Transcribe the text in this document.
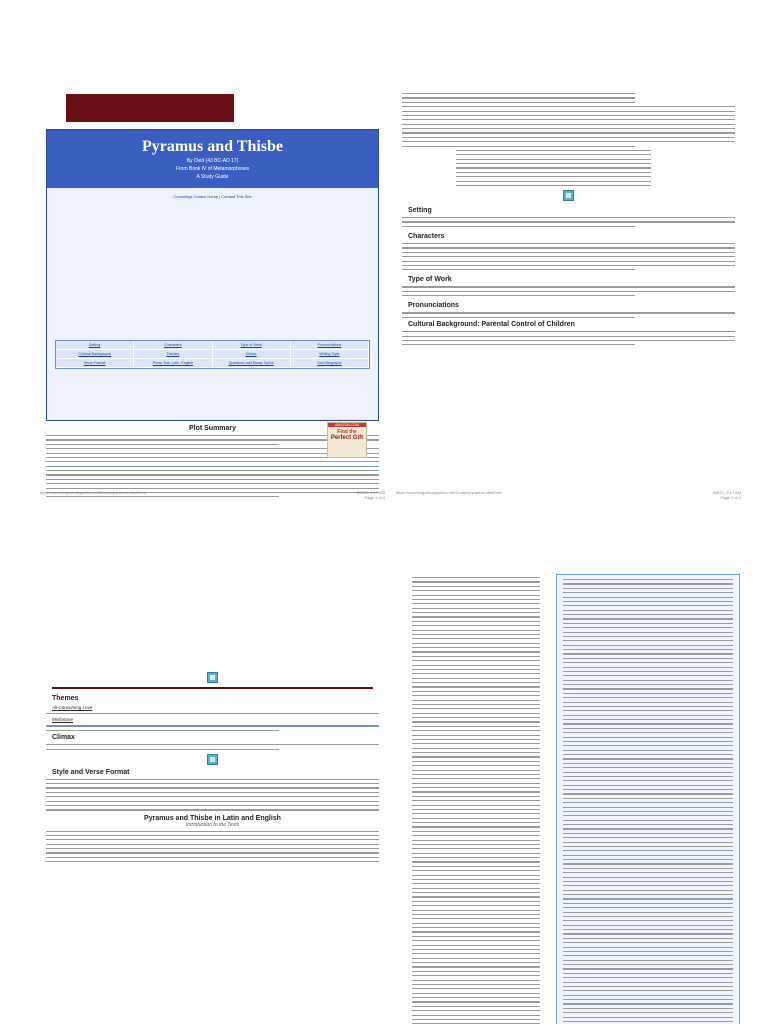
Pyramus and Thisbe
By Ovid (43 BC-AD 17)
From Book IV of Metamorphoses
A Study Guide
Cummings Guides Home | Contact This Site
Setting	Characters	Type of Work	Pronunciations
Cultural Background	Themes	Climax	Writing Style
Verse Format	Prose Text: Latin, English	Questions and Essay Topics	Ovid Biography
Plot Summary	AMAZON.COM
Find the
Perfect Gift
https://cummingsstudyguides.net/Guides/pyramus.html#Yes	8/8/21, 8:17 AM
Page 1 of 4
Setting
Characters
Type of Work
Pronunciations
Cultural Background: Parental Control of Children
https://cummingsstudyguides.net/Guides/pyramus.html#Yes	8/8/21, 8:17 AM
Page 2 of 4
Themes
All-Consuming Love
Misfortune
Climax
Style and Verse Format
Pyramus and Thisbe in Latin and English
Introduction to the Texts
